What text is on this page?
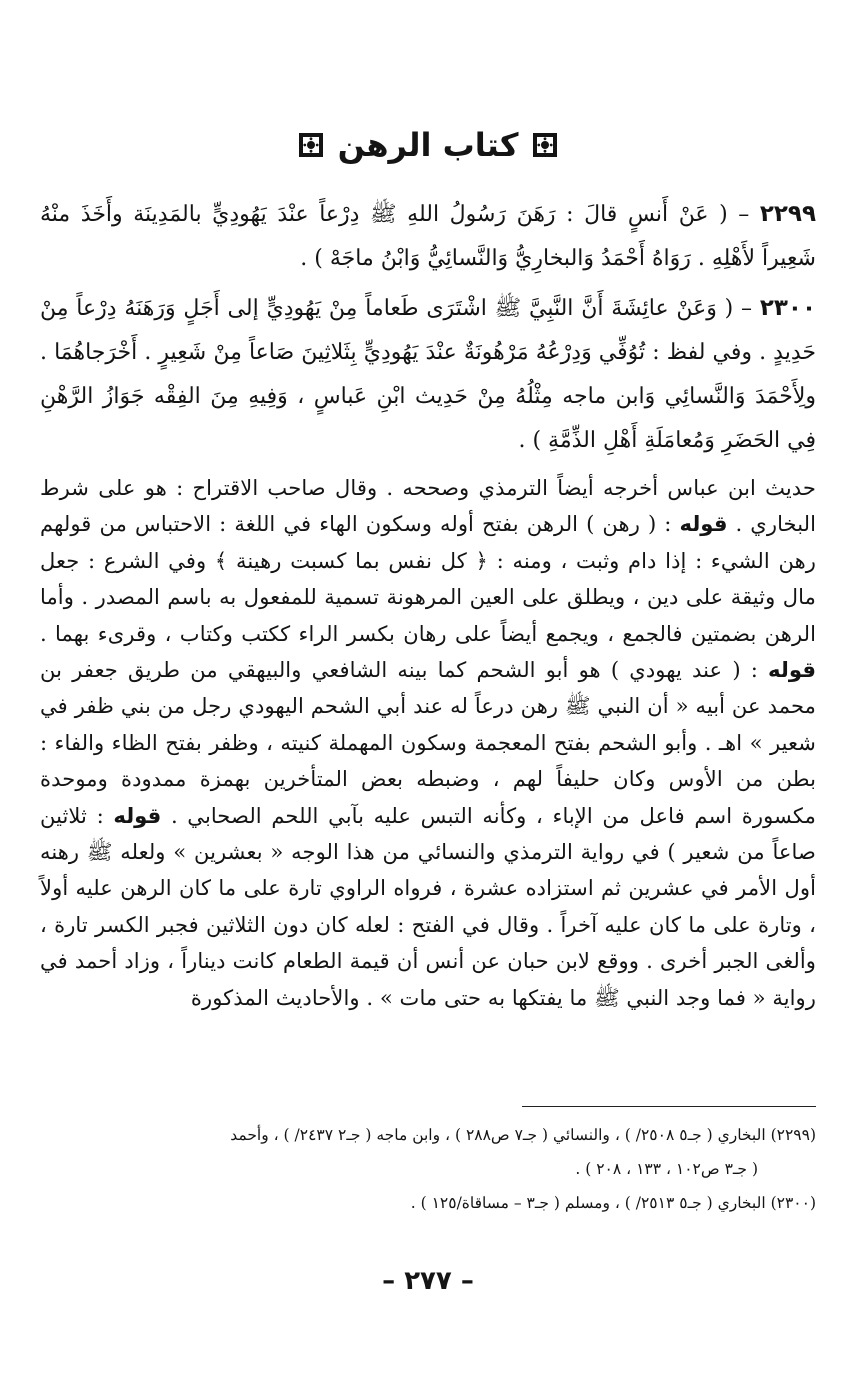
كتاب الرهن
٢٢٩٩ – ( عَنْ أَنسٍ قالَ : رَهَنَ رَسُولُ اللهِ ﷺ دِرْعاً عنْدَ يَهُودِيٍّ بالمَدِينَة وأَخَذَ منْهُ شَعِيراً لأَهْلِهِ . رَوَاهُ أَحْمَدُ وَالبخارِيُّ وَالنَّسائِيُّ وَابْنُ ماجَهْ ) .
٢٣٠٠ – ( وَعَنْ عائِشَةَ أَنَّ النَّبِيَّ ﷺ اشْتَرَى طَعاماً مِنْ يَهُودِيٍّ إلى أَجَلٍ وَرَهَنَهُ دِرْعاً مِنْ حَدِيدٍ . وفي لفظ : تُوُفِّي وَدِرْعُهُ مَرْهُونَةٌ عنْدَ يَهُودِيٍّ بِثَلاثِينَ صَاعاً مِنْ شَعِيرٍ . أَخْرَجاهُمَا . ولِأَحْمَدَ وَالنَّسائِي وَابن ماجه مِثْلُهُ مِنْ حَدِيث ابْنِ عَباسٍ ، وَفِيهِ مِنَ الفِقْه جَوَازُ الرَّهْنِ فِي الحَضَرِ وَمُعامَلَةِ أَهْلِ الذِّمَّةِ ) .
حديث ابن عباس أخرجه أيضاً الترمذي وصححه . وقال صاحب الاقتراح : هو على شرط البخاري . قوله : ( رهن ) الرهن بفتح أوله وسكون الهاء في اللغة : الاحتباس من قولهم رهن الشيء : إذا دام وثبت ، ومنه : ﴿ كل نفس بما كسبت رهينة ﴾ وفي الشرع : جعل مال وثيقة على دين ، ويطلق على العين المرهونة تسمية للمفعول به باسم المصدر . وأما الرهن بضمتين فالجمع ، ويجمع أيضاً على رهان بكسر الراء ككتب وكتاب ، وقرىء بهما . قوله : ( عند يهودي ) هو أبو الشحم كما بينه الشافعي والبيهقي من طريق جعفر بن محمد عن أبيه « أن النبي ﷺ رهن درعاً له عند أبي الشحم اليهودي رجل من بني ظفر في شعير » اهـ . وأبو الشحم بفتح المعجمة وسكون المهملة كنيته ، وظفر بفتح الظاء والفاء : بطن من الأوس وكان حليفاً لهم ، وضبطه بعض المتأخرين بهمزة ممدودة وموحدة مكسورة اسم فاعل من الإباء ، وكأنه التبس عليه بآبي اللحم الصحابي . قوله : ثلاثين صاعاً من شعير ) في رواية الترمذي والنسائي من هذا الوجه « بعشرين » ولعله ﷺ رهنه أول الأمر في عشرين ثم استزاده عشرة ، فرواه الراوي تارة على ما كان الرهن عليه أولاً ، وتارة على ما كان عليه آخراً . وقال في الفتح : لعله كان دون الثلاثين فجبر الكسر تارة ، وألغى الجبر أخرى . ووقع لابن حبان عن أنس أن قيمة الطعام كانت ديناراً ، وزاد أحمد في رواية « فما وجد النبي ﷺ ما يفتكها به حتى مات » . والأحاديث المذكورة

(٢٢٩٩) البخاري ( جـ٥ ٢٥٠٨/ ) ، والنسائي ( جـ٧ ص٢٨٨ ) ، وابن ماجه ( جـ٢ ٢٤٣٧/ ) ، وأحمد

( جـ٣ ص١٠٢ ، ١٣٣ ، ٢٠٨ ) .

(٢٣٠٠) البخاري ( جـ٥ ٢٥١٣/ ) ، ومسلم ( جـ٣ – مساقاة/١٢٥ ) .

– ٢٧٧ –
